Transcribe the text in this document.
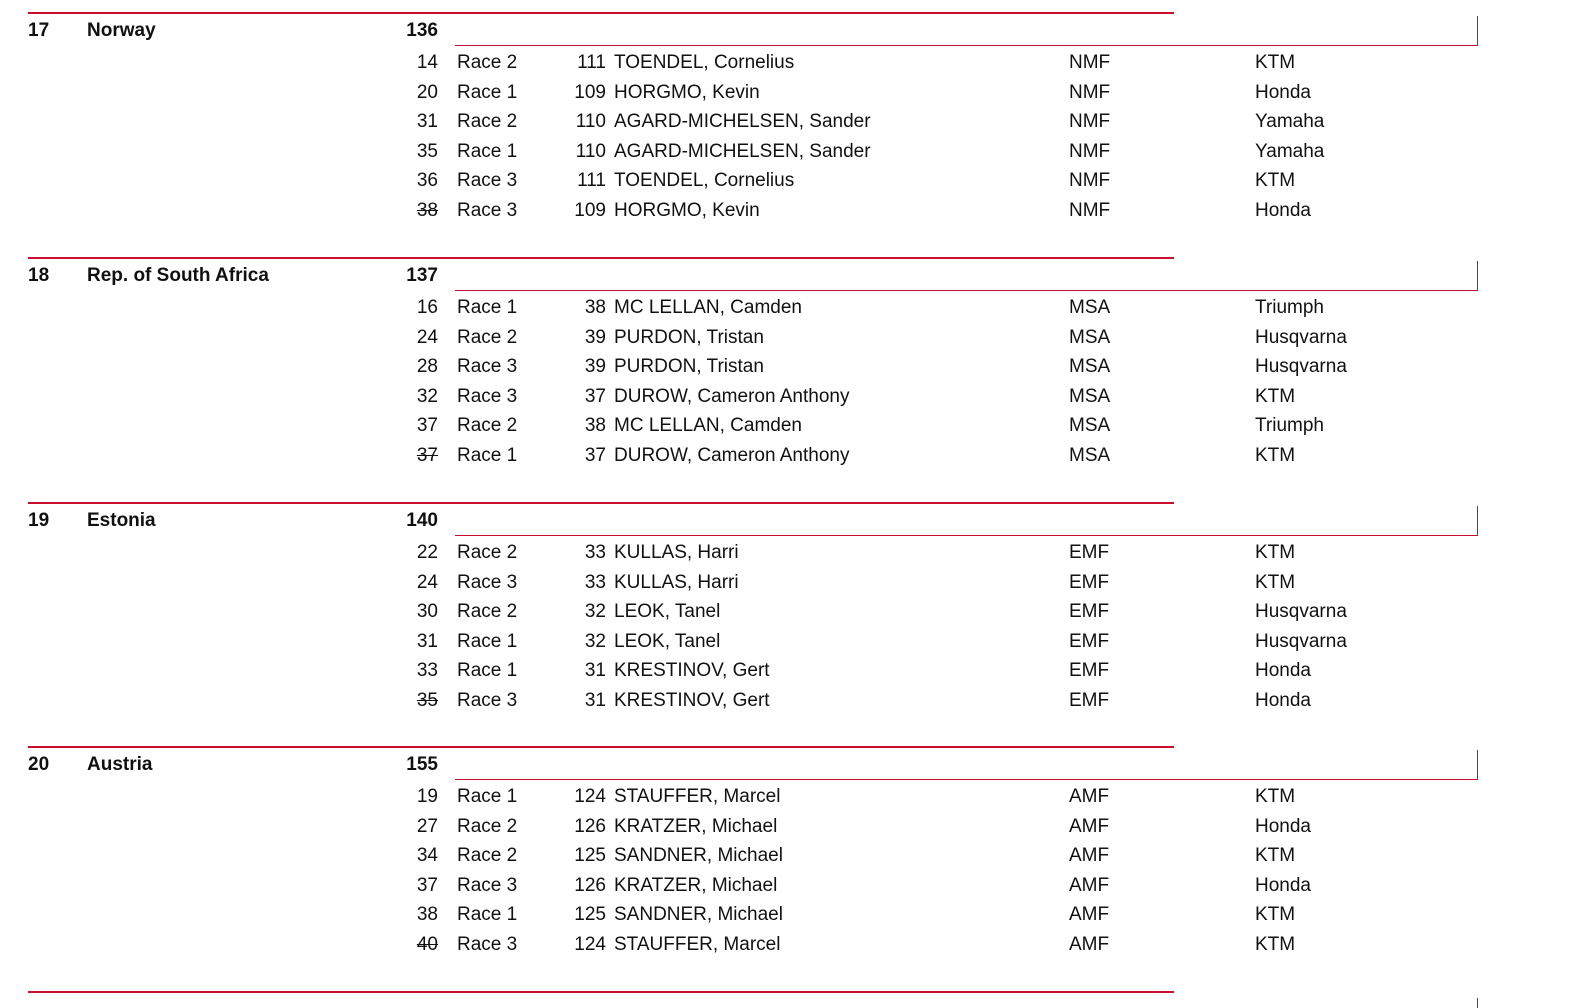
17 Norway	136
14 Race 2	111 TOENDEL, Cornelius	NMF	KTM
20 Race 1	109 HORGMO, Kevin	NMF	Honda
31 Race 2	110 AGARD-MICHELSEN, Sander	NMF	Yamaha
35 Race 1	110 AGARD-MICHELSEN, Sander	NMF	Yamaha
36 Race 3	111 TOENDEL, Cornelius	NMF	KTM
38 Race 3	109 HORGMO, Kevin	NMF	Honda
18 Rep. of South Africa	137
16 Race 1	38 MC LELLAN, Camden	MSA	Triumph
24 Race 2	39 PURDON, Tristan	MSA	Husqvarna
28 Race 3	39 PURDON, Tristan	MSA	Husqvarna
32 Race 3	37 DUROW, Cameron Anthony	MSA	KTM
37 Race 2	38 MC LELLAN, Camden	MSA	Triumph
37 Race 1	37 DUROW, Cameron Anthony	MSA	KTM
19 Estonia	140
22 Race 2	33 KULLAS, Harri	EMF	KTM
24 Race 3	33 KULLAS, Harri	EMF	KTM
30 Race 2	32 LEOK, Tanel	EMF	Husqvarna
31 Race 1	32 LEOK, Tanel	EMF	Husqvarna
33 Race 1	31 KRESTINOV, Gert	EMF	Honda
35 Race 3	31 KRESTINOV, Gert	EMF	Honda
20 Austria	155
19 Race 1	124 STAUFFER, Marcel	AMF	KTM
27 Race 2	126 KRATZER, Michael	AMF	Honda
34 Race 2	125 SANDNER, Michael	AMF	KTM
37 Race 3	126 KRATZER, Michael	AMF	Honda
38 Race 1	125 SANDNER, Michael	AMF	KTM
40 Race 3	124 STAUFFER, Marcel	AMF	KTM
